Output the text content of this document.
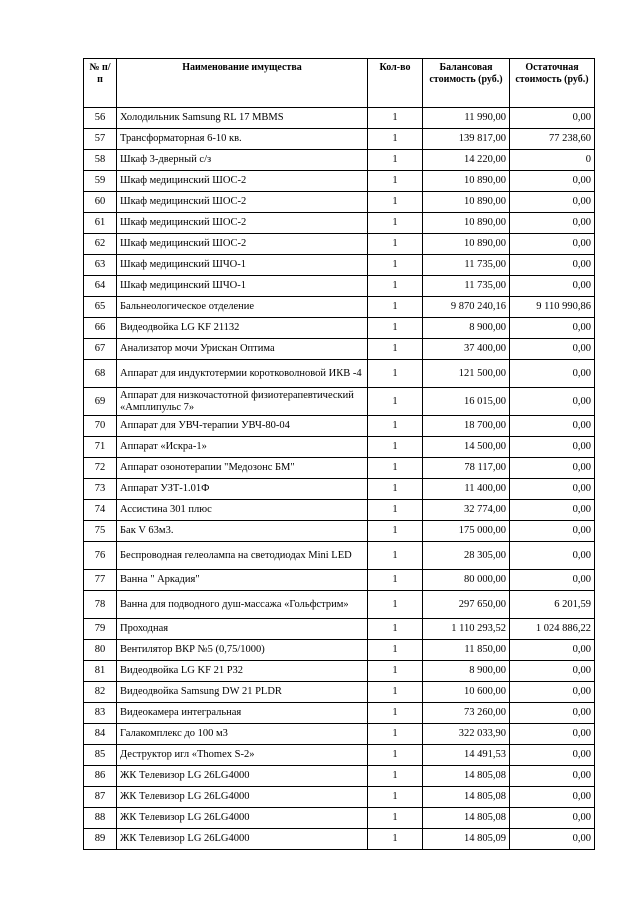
№ п/п	Наименование имущества	Кол-во	Балансовая стоимость (руб.)	Остаточная стоимость (руб.)
56	Холодильник Samsung RL 17 MBMS	1	11 990,00	0,00
57	Трансформаторная 6-10 кв.	1	139 817,00	77 238,60
58	Шкаф 3-дверный с/з	1	14 220,00	0
59	Шкаф медицинский ШОС-2	1	10 890,00	0,00
60	Шкаф медицинский ШОС-2	1	10 890,00	0,00
61	Шкаф медицинский ШОС-2	1	10 890,00	0,00
62	Шкаф медицинский ШОС-2	1	10 890,00	0,00
63	Шкаф медицинский ШЧО-1	1	11 735,00	0,00
64	Шкаф медицинский ШЧО-1	1	11 735,00	0,00
65	Бальнеологическое отделение	1	9 870 240,16	9 110 990,86
66	Видеодвойка LG KF 21132	1	8 900,00	0,00
67	Анализатор мочи Урискан Оптима	1	37 400,00	0,00
68	Аппарат для индуктотермии коротковолновой ИКВ -4	1	121 500,00	0,00
69	Аппарат для низкочастотной физиотерапевтический «Амплипульс 7»	1	16 015,00	0,00
70	Аппарат для УВЧ-терапии УВЧ-80-04	1	18 700,00	0,00
71	Аппарат «Искра-1»	1	14 500,00	0,00
72	Аппарат озонотерапии "Медозонс БМ"	1	78 117,00	0,00
73	Аппарат УЗТ-1.01Ф	1	11 400,00	0,00
74	Ассистина 301 плюс	1	32 774,00	0,00
75	Бак V 63м3.	1	175 000,00	0,00
76	Беспроводная гелеолампа на светодиодах Mini LED	1	28 305,00	0,00
77	Ванна " Аркадия"	1	80 000,00	0,00
78	Ванна для подводного душ-массажа «Гольфстрим»	1	297 650,00	6 201,59
79	Проходная	1	1 110 293,52	1 024 886,22
80	Вентилятор ВКР №5 (0,75/1000)	1	11 850,00	0,00
81	Видеодвойка LG KF 21 P32	1	8 900,00	0,00
82	Видеодвойка Samsung DW 21 PLDR	1	10 600,00	0,00
83	Видеокамера интегральная	1	73 260,00	0,00
84	Галакомплекс до 100 м3	1	322 033,90	0,00
85	Деструктор игл «Thomex S-2»	1	14 491,53	0,00
86	ЖК Телевизор LG 26LG4000	1	14 805,08	0,00
87	ЖК Телевизор LG 26LG4000	1	14 805,08	0,00
88	ЖК Телевизор LG 26LG4000	1	14 805,08	0,00
89	ЖК Телевизор LG 26LG4000	1	14 805,09	0,00
